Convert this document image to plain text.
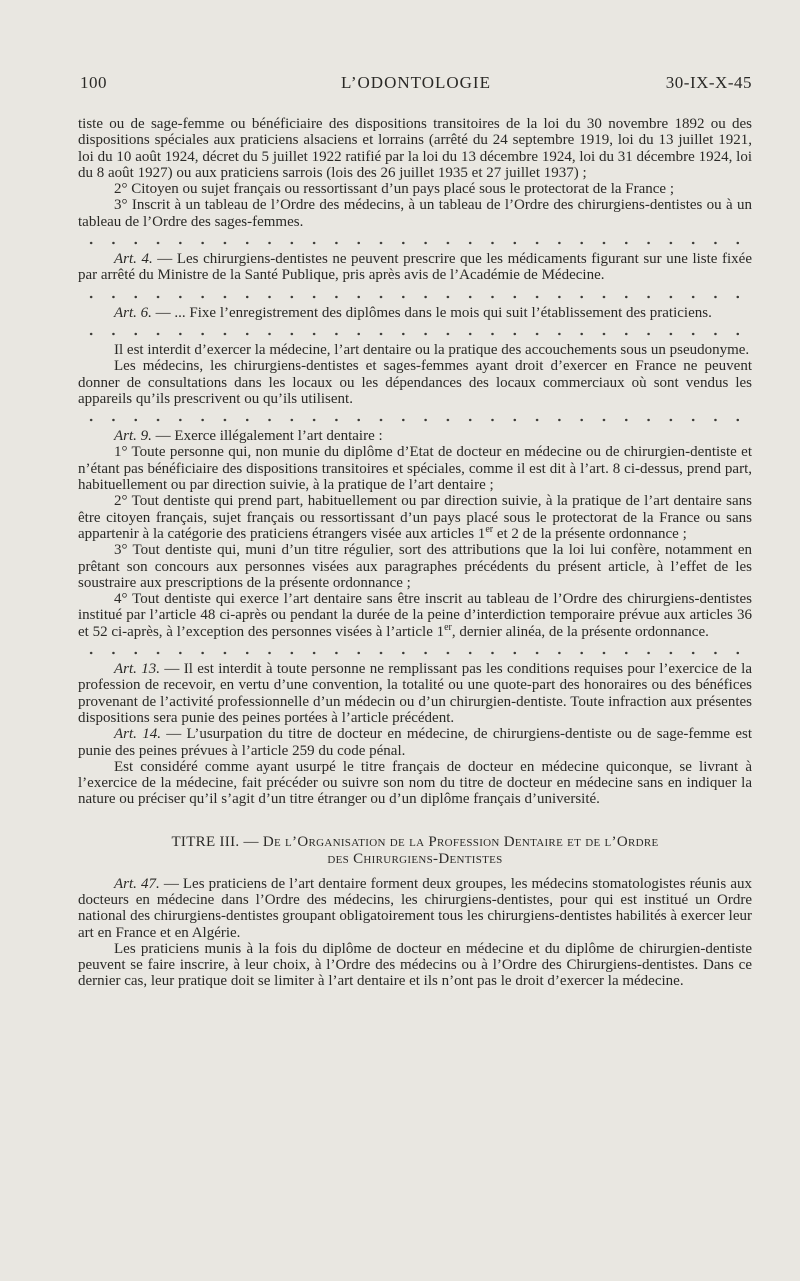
100	L’ODONTOLOGIE	30-IX-X-45

tiste ou de sage-femme ou bénéficiaire des dispositions transitoires de la loi du 30 novembre 1892 ou des dispositions spéciales aux praticiens alsaciens et lorrains (arrêté du 24 septembre 1919, loi du 13 juillet 1921, loi du 10 août 1924, décret du 5 juillet 1922 ratifié par la loi du 13 décembre 1924, loi du 31 décembre 1924, loi du 8 août 1927) ou aux praticiens sarrois (lois des 26 juillet 1935 et 27 juillet 1937) ;

2° Citoyen ou sujet français ou ressortissant d’un pays placé sous le protectorat de la France ;

3° Inscrit à un tableau de l’Ordre des médecins, à un tableau de l’Ordre des chirurgiens-dentistes ou à un tableau de l’Ordre des sages-femmes.

Art. 4. — Les chirurgiens-dentistes ne peuvent prescrire que les médicaments figurant sur une liste fixée par arrêté du Ministre de la Santé Publique, pris après avis de l’Académie de Médecine.

Art. 6. — ... Fixe l’enregistrement des diplômes dans le mois qui suit l’établissement des praticiens.

Il est interdit d’exercer la médecine, l’art dentaire ou la pratique des accouchements sous un pseudonyme.

Les médecins, les chirurgiens-dentistes et sages-femmes ayant droit d’exercer en France ne peuvent donner de consultations dans les locaux ou les dépendances des locaux commerciaux où sont vendus les appareils qu’ils prescrivent ou qu’ils utilisent.

Art. 9. — Exerce illégalement l’art dentaire :

1° Toute personne qui, non munie du diplôme d’Etat de docteur en médecine ou de chirurgien-dentiste et n’étant pas bénéficiaire des dispositions transitoires et spéciales, comme il est dit à l’art. 8 ci-dessus, prend part, habituellement ou par direction suivie, à la pratique de l’art dentaire ;

2° Tout dentiste qui prend part, habituellement ou par direction suivie, à la pratique de l’art dentaire sans être citoyen français, sujet français ou ressortissant d’un pays placé sous le protectorat de la France ou sans appartenir à la catégorie des praticiens étrangers visée aux articles 1er et 2 de la présente ordonnance ;

3° Tout dentiste qui, muni d’un titre régulier, sort des attributions que la loi lui confère, notamment en prêtant son concours aux personnes visées aux paragraphes précédents du présent article, à l’effet de les soustraire aux prescriptions de la présente ordonnance ;

4° Tout dentiste qui exerce l’art dentaire sans être inscrit au tableau de l’Ordre des chirurgiens-dentistes institué par l’article 48 ci-après ou pendant la durée de la peine d’interdiction temporaire prévue aux articles 36 et 52 ci-après, à l’exception des personnes visées à l’article 1er, dernier alinéa, de la présente ordonnance.

Art. 13. — Il est interdit à toute personne ne remplissant pas les conditions requises pour l’exercice de la profession de recevoir, en vertu d’une convention, la totalité ou une quote-part des honoraires ou des bénéfices provenant de l’activité professionnelle d’un médecin ou d’un chirurgien-dentiste. Toute infraction aux présentes dispositions sera punie des peines portées à l’article précédent.

Art. 14. — L’usurpation du titre de docteur en médecine, de chirurgiens-dentiste ou de sage-femme est punie des peines prévues à l’article 259 du code pénal.

Est considéré comme ayant usurpé le titre français de docteur en médecine quiconque, se livrant à l’exercice de la médecine, fait précéder ou suivre son nom du titre de docteur en médecine sans en indiquer la nature ou préciser qu’il s’agit d’un titre étranger ou d’un diplôme français d’université.

TITRE III. — De l’Organisation de la Profession Dentaire et de l’Ordre
des Chirurgiens-Dentistes

Art. 47. — Les praticiens de l’art dentaire forment deux groupes, les médecins stomatologistes réunis aux docteurs en médecine dans l’Ordre des médecins, les chirurgiens-dentistes, pour qui est institué un Ordre national des chirurgiens-dentistes groupant obligatoirement tous les chirurgiens-dentistes habilités à exercer leur art en France et en Algérie.

Les praticiens munis à la fois du diplôme de docteur en médecine et du diplôme de chirurgien-dentiste peuvent se faire inscrire, à leur choix, à l’Ordre des médecins ou à l’Ordre des Chirurgiens-dentistes. Dans ce dernier cas, leur pratique doit se limiter à l’art dentaire et ils n’ont pas le droit d’exercer la médecine.
